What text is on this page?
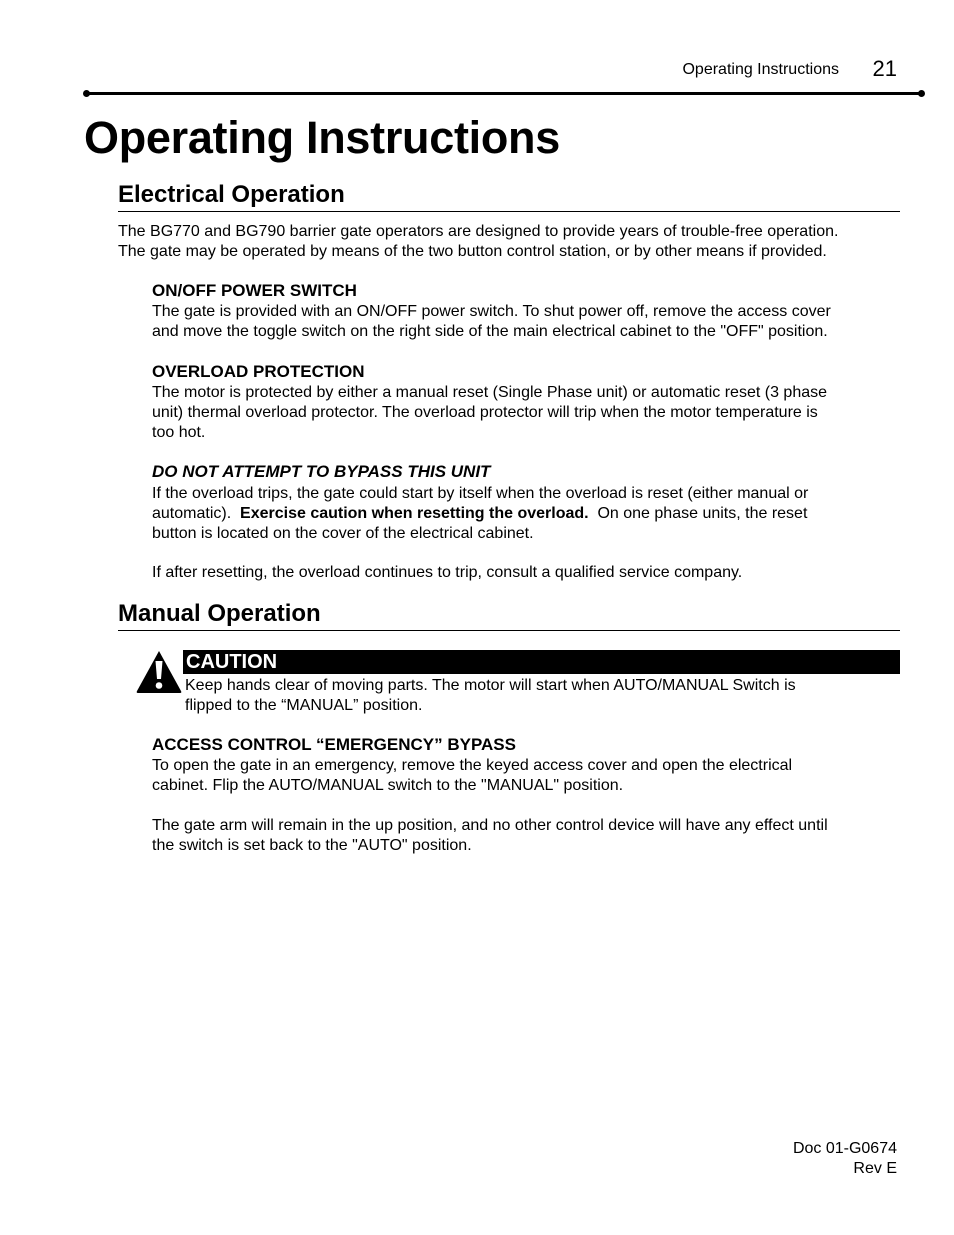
Operating Instructions 21
Operating Instructions
Electrical Operation

The BG770 and BG790 barrier gate operators are designed to provide years of trouble-free operation.
The gate may be operated by means of the two button control station, or by other means if provided.

ON/OFF POWER SWITCH

The gate is provided with an ON/OFF power switch. To shut power off, remove the access cover
and move the toggle switch on the right side of the main electrical cabinet to the "OFF" position.

OVERLOAD PROTECTION

The motor is protected by either a manual reset (Single Phase unit) or automatic reset (3 phase
unit) thermal overload protector. The overload protector will trip when the motor temperature is
too hot.

DO NOT ATTEMPT TO BYPASS THIS UNIT

If the overload trips, the gate could start by itself when the overload is reset (either manual or
automatic).  Exercise caution when resetting the overload.  On one phase units, the reset
button is located on the cover of the electrical cabinet.

If after resetting, the overload continues to trip, consult a qualified service company.

Manual Operation
CAUTION

Keep hands clear of moving parts. The motor will start when AUTO/MANUAL Switch is
flipped to the “MANUAL” position.

ACCESS CONTROL “EMERGENCY” BYPASS

To open the gate in an emergency, remove the keyed access cover and open the electrical
cabinet. Flip the AUTO/MANUAL switch to the "MANUAL" position.

The gate arm will remain in the up position, and no other control device will have any effect until
the switch is set back to the "AUTO" position.

Doc 01-G0674
Rev E
